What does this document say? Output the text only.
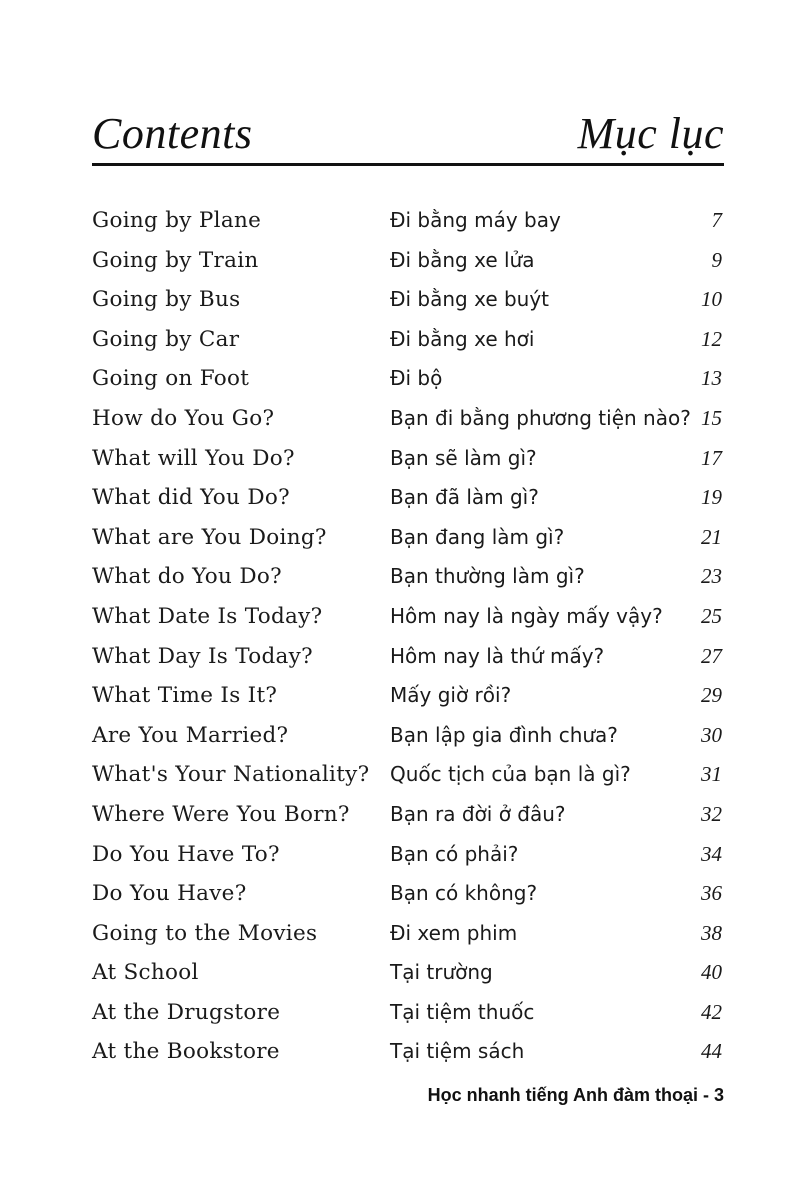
Contents	Mục lục
Going by Plane	Đi bằng máy bay	7
Going by Train	Đi bằng xe lửa	9
Going by Bus	Đi bằng xe buýt	10
Going by Car	Đi bằng xe hơi	12
Going on Foot	Đi bộ	13
How do You Go?	Bạn đi bằng phương tiện nào? 15
What will You Do?	Bạn sẽ làm gì?	17
What did You Do?	Bạn đã làm gì?	19
What are You Doing?	Bạn đang làm gì?	21
What do You Do?	Bạn thường làm gì?	23
What Date Is Today?	Hôm nay là ngày mấy vậy? 25
What Day Is Today?	Hôm nay là thứ mấy?	27
What Time Is It?	Mấy giờ rồi?	29
Are You Married?	Bạn lập gia đình chưa?	30
What's Your Nationality? Quốc tịch của bạn là gì?	31
Where Were You Born? Bạn ra đời ở đâu?	32
Do You Have To?	Bạn có phải?	34
Do You Have?	Bạn có không?	36
Going to the Movies	Đi xem phim	38
At School	Tại trường	40
At the Drugstore	Tại tiệm thuốc	42
At the Bookstore	Tại tiệm sách	44
Học nhanh tiếng Anh đàm thoại - 3
